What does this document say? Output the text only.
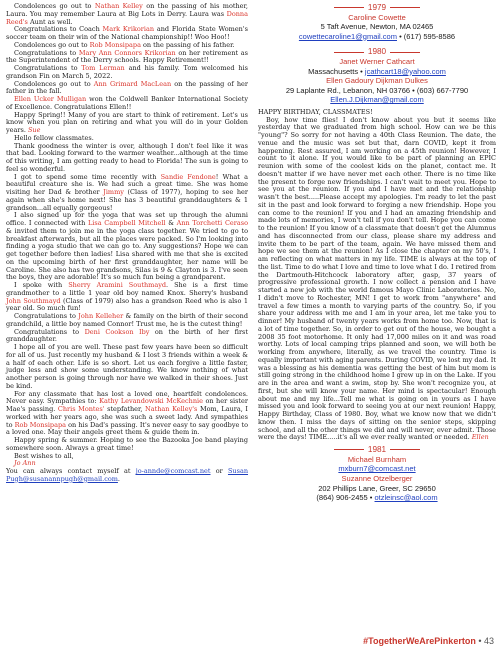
Condolences go out to Nathan Kelley on the passing of his mother, Laura. You may remember Laura at Big Lots in Derry. Laura was Donna Reed's Aunt as well.

Congratulations to Coach Mark Krikorian and Florida State Women's soccer team on their win of the National championship!! Woo Hoo!!

Condolences go out to Rob Monsipapa on the passing of his father.

Congratulations to Mary Ann Connors Krikorian on her retirement as the Superintendent of the Derry schools. Happy Retirement!!

Congratulations to Tom Lerman and his family. Tom welcomed his grandson Fin on March 5, 2022.

Condolences go out to Ann Grimard MacLean on the passing of her father in the fall.

Ellen Ucker Mulligan won the Coldwell Banker International Society of Excellence. Congratulations Ellen!!

Happy Spring!! Many of you are start to think of retirement. Let's us know when you plan on retiring and what you will do in your Golden years. Sue

Hello fellow classmates.

Thank goodness the winter is over, although I don't feel like it was that bad. Looking forward to the warmer weather...although at the time of this writing, I am getting ready to head to Florida! The sun is going to feel so wonderful.

I got to spend some time recently with Sandie Fendone! What a beautiful creature she is. We had such a great time. She was home visiting her Dad & brother Jimmy (Class of 1977), hoping to see her again when she's home next! She has 3 beautiful granddaughters & 1 grandson...all equally gorgeous!

I also signed up for the yoga that was set up through the alumni office. I connected with Lisa Campbell Mitchell & Ann Torchetti Ceraso & invited them to join me in the yoga class together. We tried to go to breakfast afterwards, but all the places were packed. So I'm looking into finding a yoga studio that we can go to. Any suggestions? Hope we can get together before then ladies! Lisa shared with me that she is excited on the upcoming birth of her first granddaughter, her name will be Caroline. She also has two grandsons, Silas is 9 & Clayton is 3. I've seen the boys, they are adorable! It's so much fun being a grandparent.

I spoke with Sherry Aramini Southmayd. She is a first time grandmother to a little 1 year old boy named Knox. Sherry's husband John Southmayd (Class of 1979) also has a grandson Reed who is also 1 year old. So much fun!

Congratulations to John Kelleher & family on the birth of their second grandchild, a little boy named Connor! Trust me, he is the cutest thing!

Congratulations to Deni Cookson Iby on the birth of her first granddaughter.

I hope all of you are well. These past few years have been so difficult for all of us. Just recently my husband & I lost 3 friends within a week & a half of each other. Life is so short. Let us each forgive a little faster, judge less and show some understanding. We know nothing of what another person is going through nor have we walked in their shoes. Just be kind.

For any classmate that has lost a loved one, heartfelt condolences. Never easy. Sympathies to: Kathy Levandowski McKechnie on her sister Mae's passing. Chris Montes' stepfather, Nathan Kelley's Mom, Laura, I worked with her years ago, she was such a sweet lady. And sympathies to Rob Monsipapa on his Dad's passing. It's never easy to say goodbye to a loved one. May their angels greet them & guide them in.

Happy spring & summer. Hoping to see the Bazooka Joe band playing somewhere soon. Always a great time!

Best wishes to all,

Jo Ann

You can always contact myself at jo-annde@comcast.net or Susan Pugh@susanannpugh@gmail.com.

1979
Caroline Cowette
5 Taft Avenue, Newton, MA 02465
cowettecaroline1@gmail.com • (617) 595-8586
1980
Janet Werner Cathcart
Massachusetts • jcathcart18@yahoo.com
Ellen Gadoury Dijkman Dulkes
29 Laplante Rd., Lebanon, NH 03766 • (603) 667-7790
Ellen.J.Dijkman@gmail.com

HAPPY BIRTHDAY, CLASSMATES!

Boy, how time flies! I don't know about you but it seems like yesterday that we graduated from high school. How can we be this "young"? So sorry for not having a 40th Class Reunion. The date, the venue and the music was set but that, darn COVID, kept it from happening. Rest assured, I am working on a 45th reunion! However, I count to it alone. If you would like to be part of planning an EPIC reunion with some of the coolest kids on the planet, contact me. It doesn't matter if we have never met each other. There is no time like the present to forge new friendships. I can't wait to meet you. Hope to see you at the reunion. If you and I have met and the relationship wasn't the best.....Please accept my apologies. I'm ready to let the past sit in the past and look forward to forging a new friendship. Hope you can come to the reunion! If you and I had an amazing friendship and made lots of memories, I won't tell if you don't tell. Hope you can come to the reunion! If you know of a classmate that doesn't get the Alumnus and has disconnected from our class, please share my address and invite them to be part of the team, again. We have missed them and hope we see them at the reunion! As I close the chapter on my 50's, I am reflecting on what matters in my life. TIME is always at the top of the list. Time to do what I love and time to love what I do. I retired from the Dartmouth-Hitchcock laboratory after, gasp, 37 years of progressive professional growth. I now collect a pension and I have started a new job with the world famous Mayo Clinic Laboratories. No, I didn't move to Rochester, MN! I get to work from "anywhere" and travel a few times a month to varying parts of the country. So, if you share your address with me and I am in your area, let me take you to dinner! My husband of twenty years works from home too. Now, that is a lot of time together. So, in order to get out of the house, we bought a 2008 35 foot motorhome. It only had 17,000 miles on it and was road worthy. Lots of local camping trips planned and soon, we will both be working from anywhere, literally, as we travel the country. Time is equally important with aging parents. During COVID, we lost my dad. It was a blessing as his dementia was getting the best of him but mom is still going strong in the childhood home I grew up in on the Lake. If you are in the area and want a swim, stop by. She won't recognize you, at first, but she will know your name. Her mind is spectacular! Enough about me and my life...Tell me what is going on in yours as I have missed you and look forward to seeing you at our next reunion! Happy, Happy Birthday, Class of 1980. Boy, what we know now that we didn't know then. I miss the days of sitting on the senior steps, skipping school, and all the other things we did and will never, ever admit. Those were the days! TIME.....it's all we ever really wanted or needed. Ellen

1981
Michael Burnham
mxburn7@comcast.net
Suzanne Otzelberger
202 Phillips Lane, Greer, SC 29650
(864) 906-2455 • otzleinsc@aol.com
#TogetherWeArePinkerton • 43
